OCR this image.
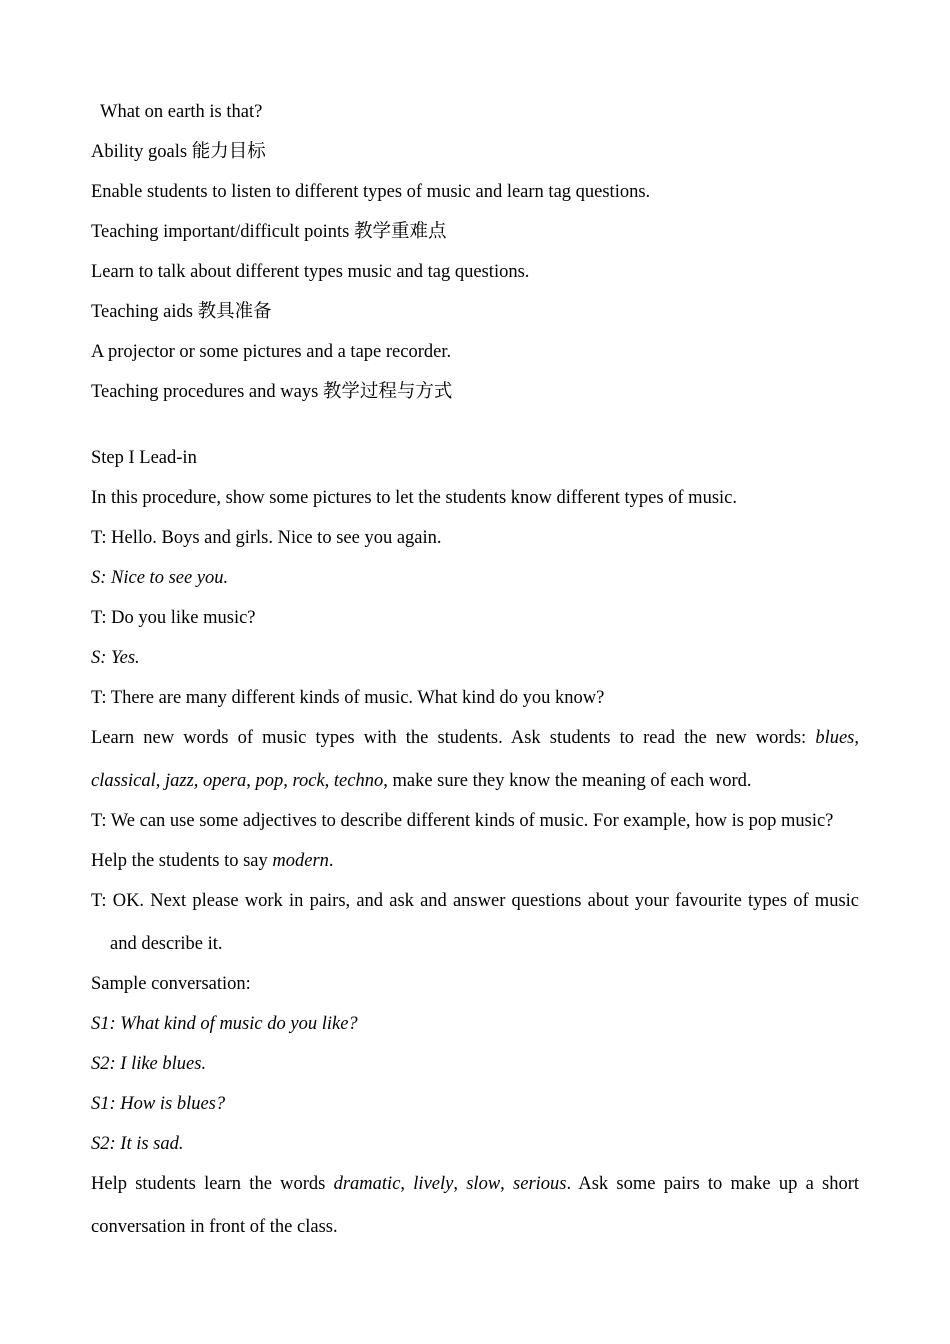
What on earth is that?
Ability goals 能力目标
Enable students to listen to different types of music and learn tag questions.
Teaching important/difficult points 教学重难点
Learn to talk about different types music and tag questions.
Teaching aids 教具准备
A projector or some pictures and a tape recorder.
Teaching procedures and ways 教学过程与方式
Step I Lead-in
In this procedure, show some pictures to let the students know different types of music.
T: Hello. Boys and girls. Nice to see you again.
S: Nice to see you.
T: Do you like music?
S: Yes.
T: There are many different kinds of music. What kind do you know?
Learn new words of music types with the students. Ask students to read the new words: blues,
classical, jazz, opera, pop, rock, techno, make sure they know the meaning of each word.
T: We can use some adjectives to describe different kinds of music. For example, how is pop music?
Help the students to say modern.
T: OK. Next please work in pairs, and ask and answer questions about your favourite types of music
and describe it.
Sample conversation:
S1: What kind of music do you like?
S2: I like blues.
S1: How is blues?
S2: It is sad.
Help students learn the words dramatic, lively, slow, serious. Ask some pairs to make up a short
conversation in front of the class.
